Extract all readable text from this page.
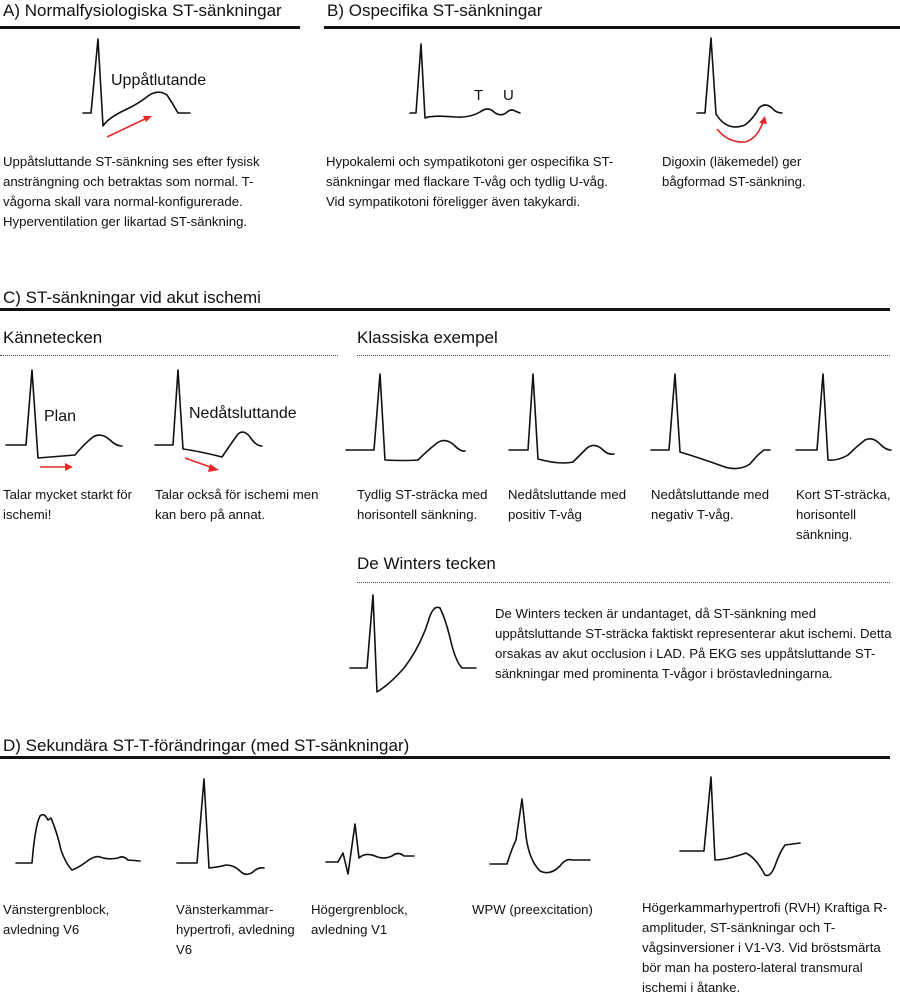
A) Normalfysiologiska ST-sänkningar
Uppåtlutande
Uppåtsluttande ST-sänkning ses efter fysisk ansträngning och betraktas som normal. T-vågorna skall vara normal-konfigurerade. Hyperventilation ger likartad ST-sänkning.
B) Ospecifika ST-sänkningar
T U
Hypokalemi och sympatikotoni ger ospecifika ST-sänkningar med flackare T-våg och tydlig U-våg. Vid sympatikotoni föreligger även takykardi.
Digoxin (läkemedel) ger bågformad ST-sänkning.
C) ST-sänkningar vid akut ischemi
Kännetecken
Plan
Talar mycket starkt för ischemi!
Nedåtsluttande
Talar också för ischemi men kan bero på annat.
Klassiska exempel
Tydlig ST-sträcka med horisontell sänkning.
Nedåtsluttande med positiv T-våg
Nedåtsluttande med negativ T-våg.
Kort ST-sträcka, horisontell sänkning.
De Winters tecken
De Winters tecken är undantaget, då ST-sänkning med uppåtsluttande ST-sträcka faktiskt representerar akut ischemi. Detta orsakas av akut occlusion i LAD. På EKG ses uppåtsluttande ST-sänkningar med prominenta T-vågor i bröstavledningarna.
D) Sekundära ST-T-förändringar (med ST-sänkningar)
Vänstergrenblock, avledning V6
Vänsterkammar-hypertrofi, avledning V6
Högergrenblock, avledning V1
WPW (preexcitation)	Högerkammarhypertrofi (RVH) Kraftiga R-amplituder, ST-sänkningar och T-vågsinversioner i V1-V3. Vid bröstsmärta bör man ha postero-lateral transmural ischemi i åtanke.
